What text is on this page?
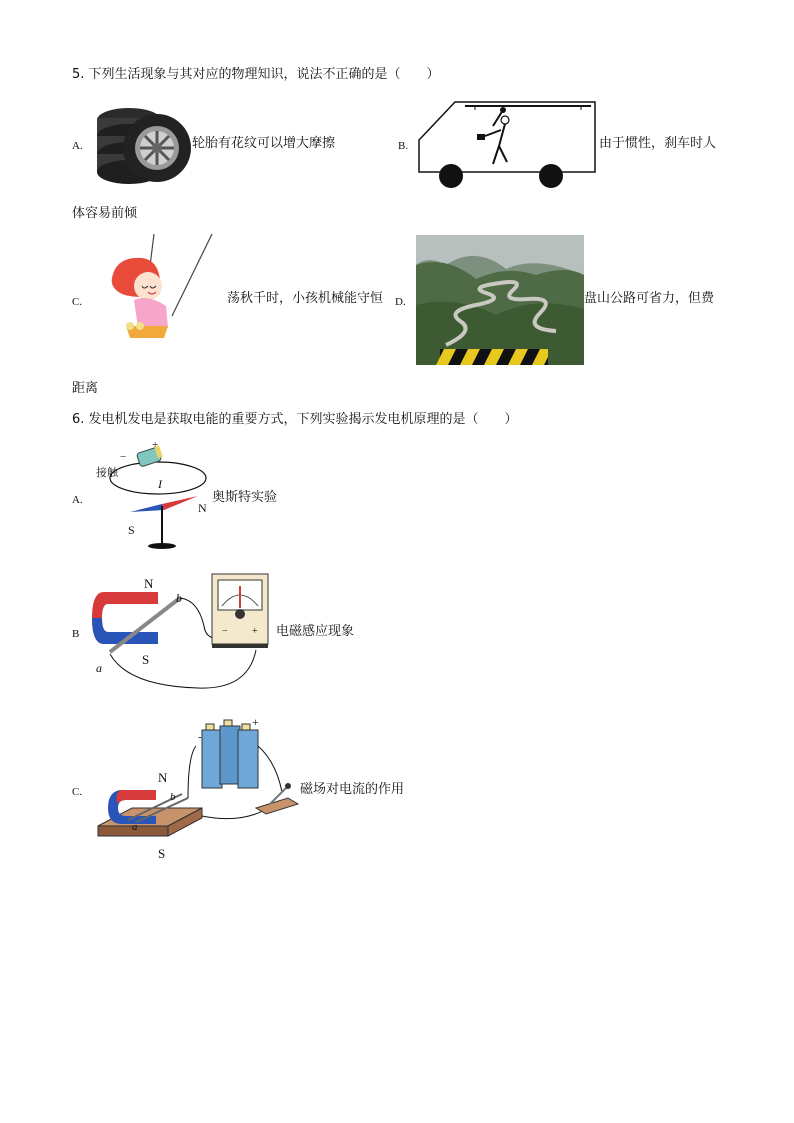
5. 下列生活现象与其对应的物理知识，说法不正确的是（　　）
A.	轮胎有花纹可以增大摩擦	B.	由于惯性，刹车时人
体容易前倾
C.	荡秋千时，小孩机械能守恒 D.	盘山公路可省力，但费
距离
6. 发电机发电是获取电能的重要方式，下列实验揭示发电机原理的是（　　）
A.
接触
−
+
I
S
N
奥斯特实验
B
N
S
b
a
− + 电磁感应现象
C.
N
S
b
a
-
+
磁场对电流的作用
